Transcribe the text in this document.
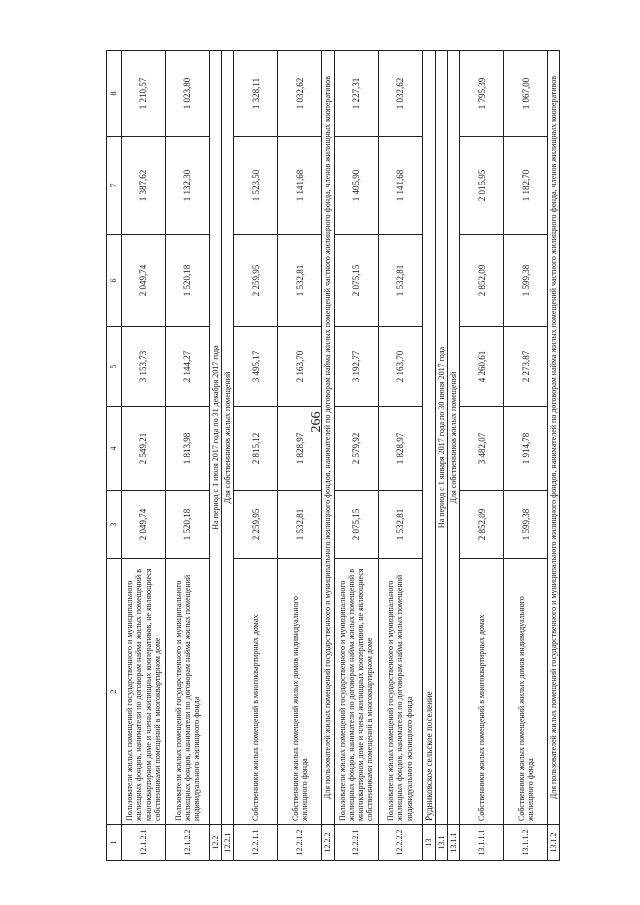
266
1	2	3	4	5	6	7	8
12.1.2.1	Пользователи жилых помещений государственного и муниципального жилищных фондов, наниматели по договорам найма жилых помещений в многоквартирном доме и члены жилищных кооперативов, не являющиеся собственниками помещений в многоквартирном доме	2 049,74	2 549,21	3 153,73	2 049,74	1 387,62	1 210,57
12.1.2.2	Пользователи жилых помещений государственного и муниципального жилищных фондов, наниматели по договорам найма жилых помещений индивидуального жилищного фонда	1 520,18	1 813,98	2 144,27	1 520,18	1 132,30	1 023,80
12.2	На период с 1 июля 2017 года по 31 декабря 2017 года						
12.2.1	Для собственников жилых помещений						
12.2.1.1	Собственники жилых помещений в многоквартирных домах	2 259,95	2 815,12	3 495,17	2 259,95	1 523,50	1 328,11
12.2.1.2	Собственники жилых помещений жилых домов индивидуального жилищного фонда	1 532,81	1 828,97	2 163,70	1 532,81	1 141,68	1 032,62
12.2.2	Для пользователей жилых помещений государственного и муниципального жилищного фондов, нанимателей по договорам найма жилых помещений частного жилищного фонда, членов жилищных кооперативов						
12.2.2.1	Пользователи жилых помещений государственного и муниципального жилищных фондов, наниматели по договорам найма жилых помещений в многоквартирном доме и члены жилищных кооперативов, не являющиеся собственниками помещений в многоквартирном доме	2 075,15	2 579,92	3 192,77	2 075,15	1 405,90	1 227,31
12.2.2.2	Пользователи жилых помещений государственного и муниципального жилищных фондов, наниматели по договорам найма жилых помещений индивидуального жилищного фонда	1 532,81	1 828,97	2 163,70	1 532,81	1 141,68	1 032,62
13	Рудниковское сельское поселение						
13.1	На период с 1 января 2017 года по 30 июня 2017 года						
13.1.1	Для собственников жилых помещений						
13.1.1.1	Собственники жилых помещений в многоквартирных домах	2 852,09	3 482,07	4 260,61	2 852,09	2 015,95	1 795,39
13.1.1.2	Собственники жилых помещений жилых домов индивидуального жилищного фонда	1 599,38	1 914,78	2 273,87	1 599,38	1 182,70	1 067,00
13.1.2	Для пользователей жилых помещений государственного и муниципального жилищного фондов, нанимателей по договорам найма жилых помещений частного жилищного фонда, членов жилищных кооперативов						
